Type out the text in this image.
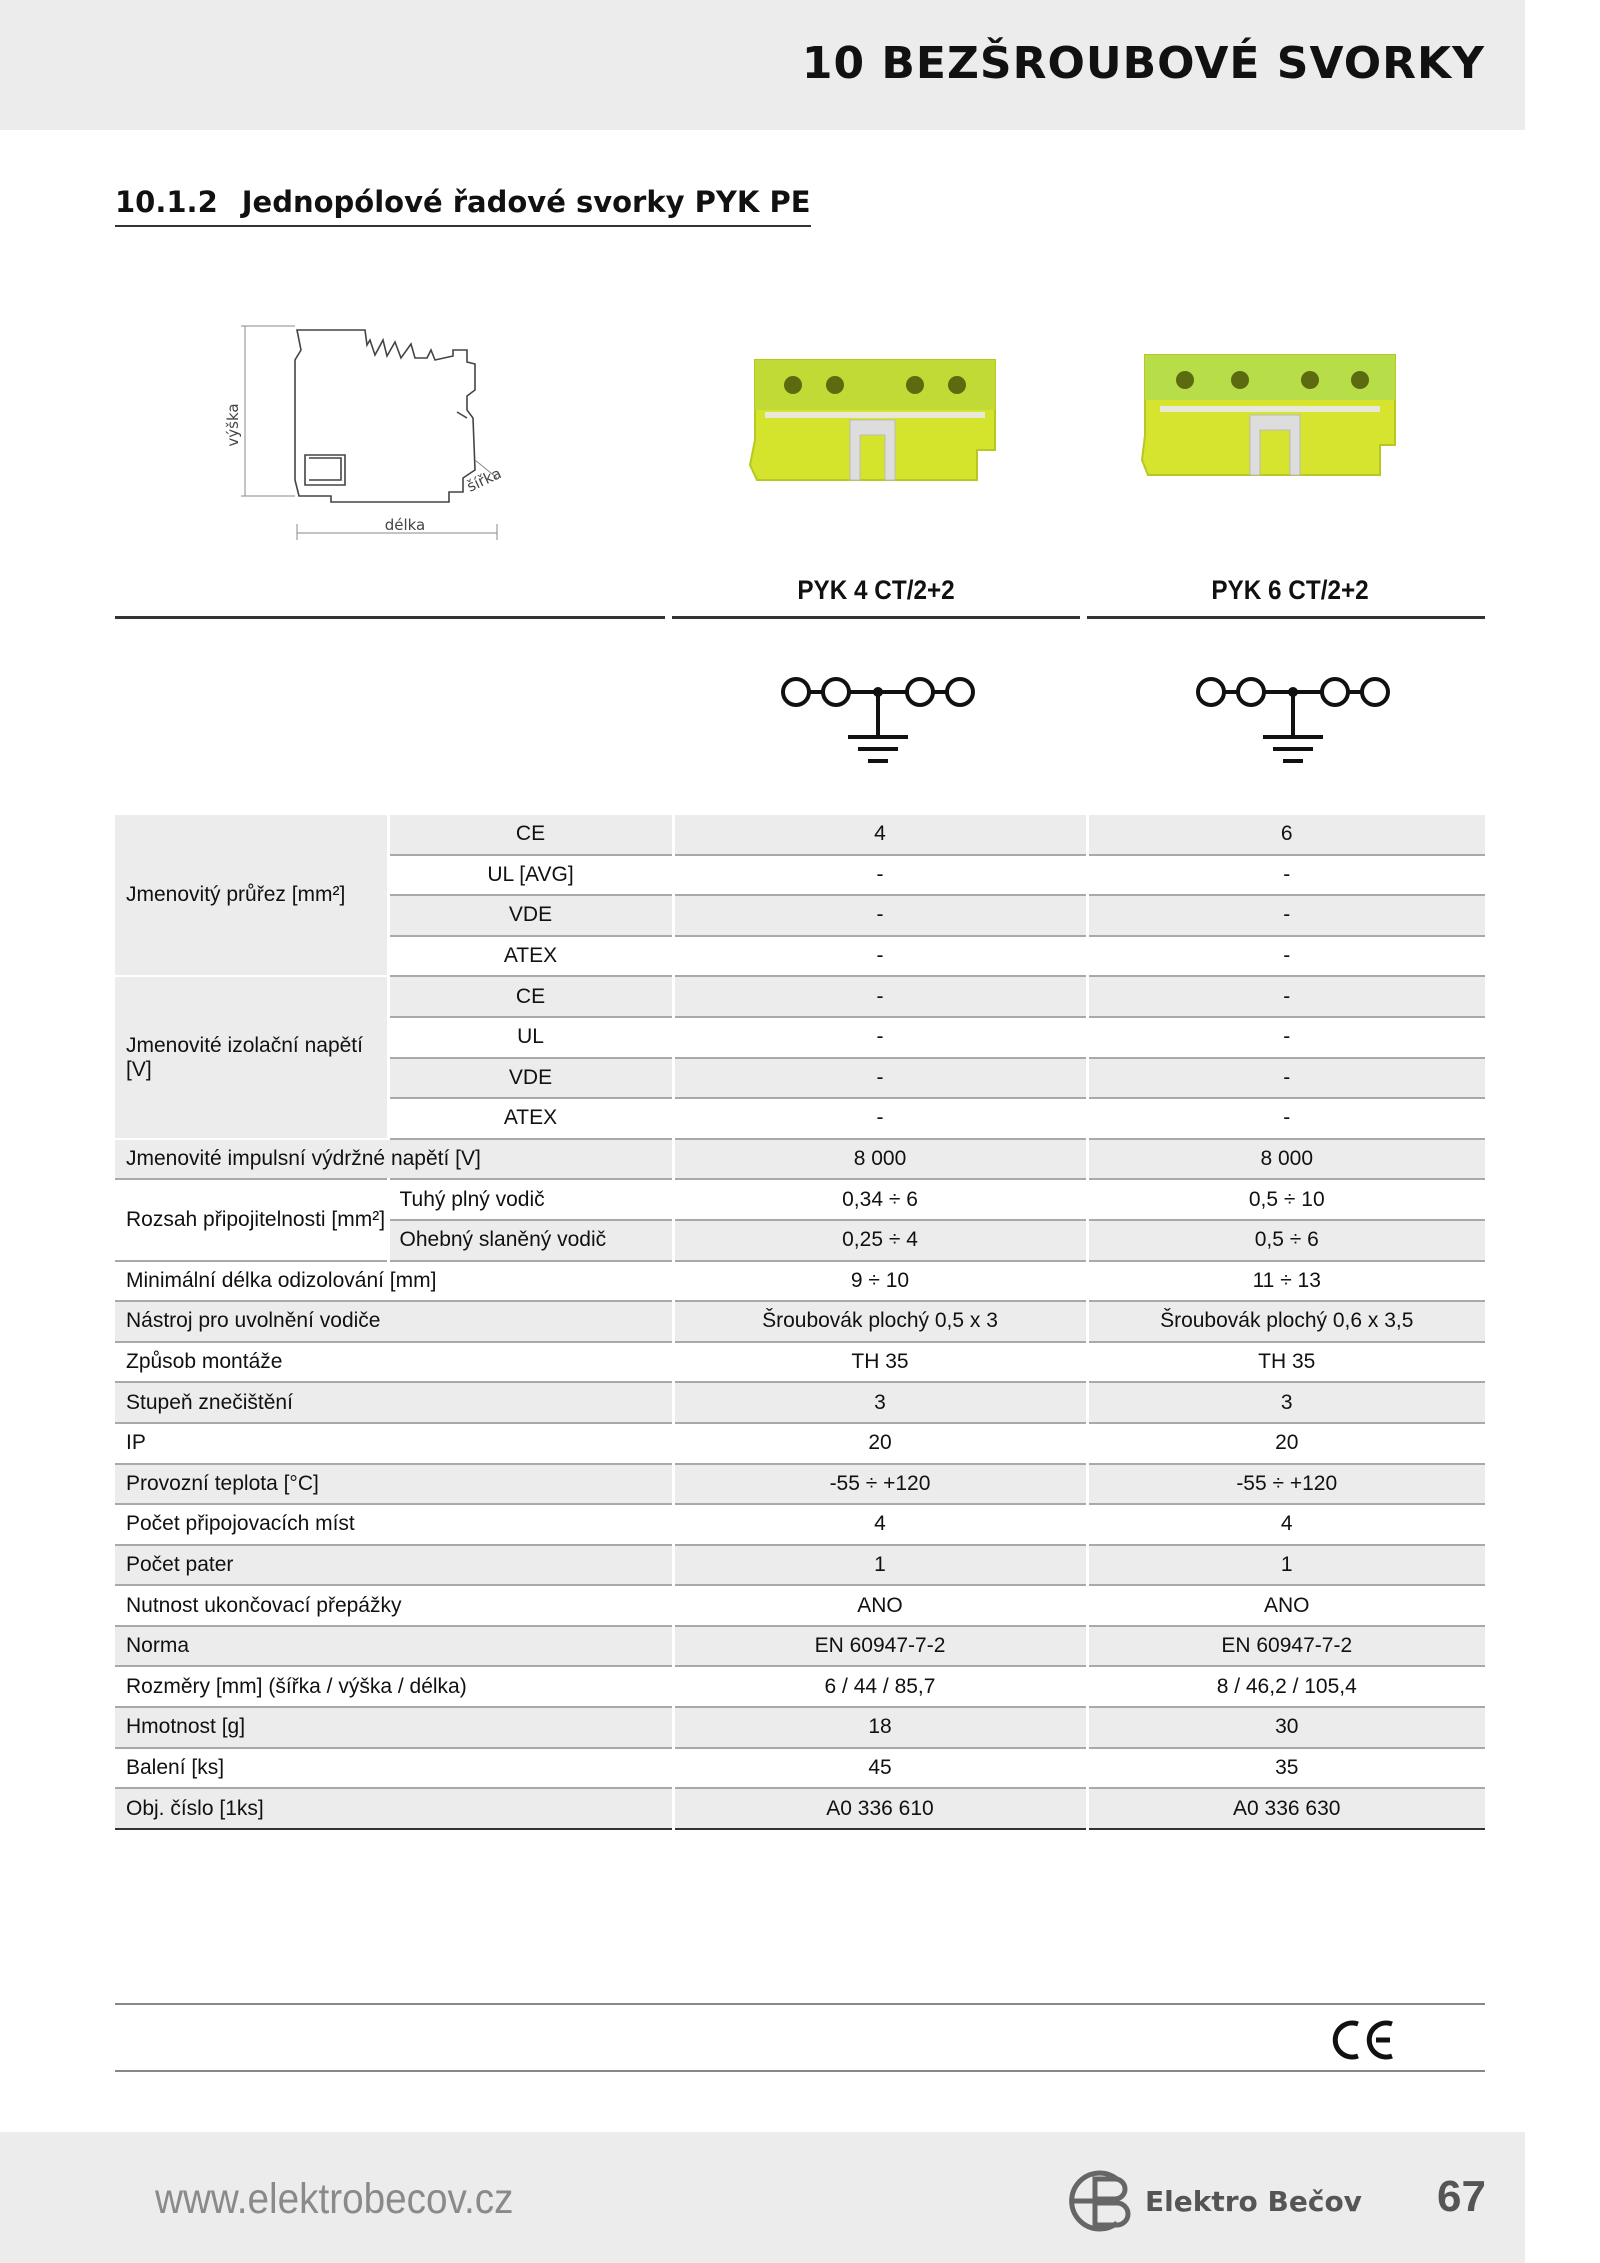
10 BEZŠROUBOVÉ SVORKY
10.1.2 Jednopólové řadové svorky PYK PE
výška
šířka
délka
PYK 4 CT/2+2	PYK 6 CT/2+2
Jmenovitý průřez [mm²]	CE	4	6
	UL [AVG]	-	-
	VDE	-	-
	ATEX	-	-
Jmenovité izolační napětí [V]	CE	-	-
	UL	-	-
	VDE	-	-
	ATEX	-	-
Jmenovité impulsní výdržné napětí [V]		8 000	8 000
Rozsah připojitelnosti [mm²]	Tuhý plný vodič	0,34 ÷ 6	0,5 ÷ 10
	Ohebný slaněný vodič	0,25 ÷ 4	0,5 ÷ 6
Minimální délka odizolování [mm]		9 ÷ 10	11 ÷ 13
Nástroj pro uvolnění vodiče		Šroubovák plochý 0,5 x 3	Šroubovák plochý 0,6 x 3,5
Způsob montáže		TH 35	TH 35
Stupeň znečištění		3	3
IP		20	20
Provozní teplota [°C]		-55 ÷ +120	-55 ÷ +120
Počet připojovacích míst		4	4
Počet pater		1	1
Nutnost ukončovací přepážky		ANO	ANO
Norma		EN 60947-7-2	EN 60947-7-2
Rozměry [mm] (šířka / výška / délka)		6 / 44 / 85,7	8 / 46,2 / 105,4
Hmotnost [g]		18	30
Balení [ks]		45	35
Obj. číslo [1ks]		A0 336 610	A0 336 630
www.elektrobecov.cz	Elektro Bečov 67
